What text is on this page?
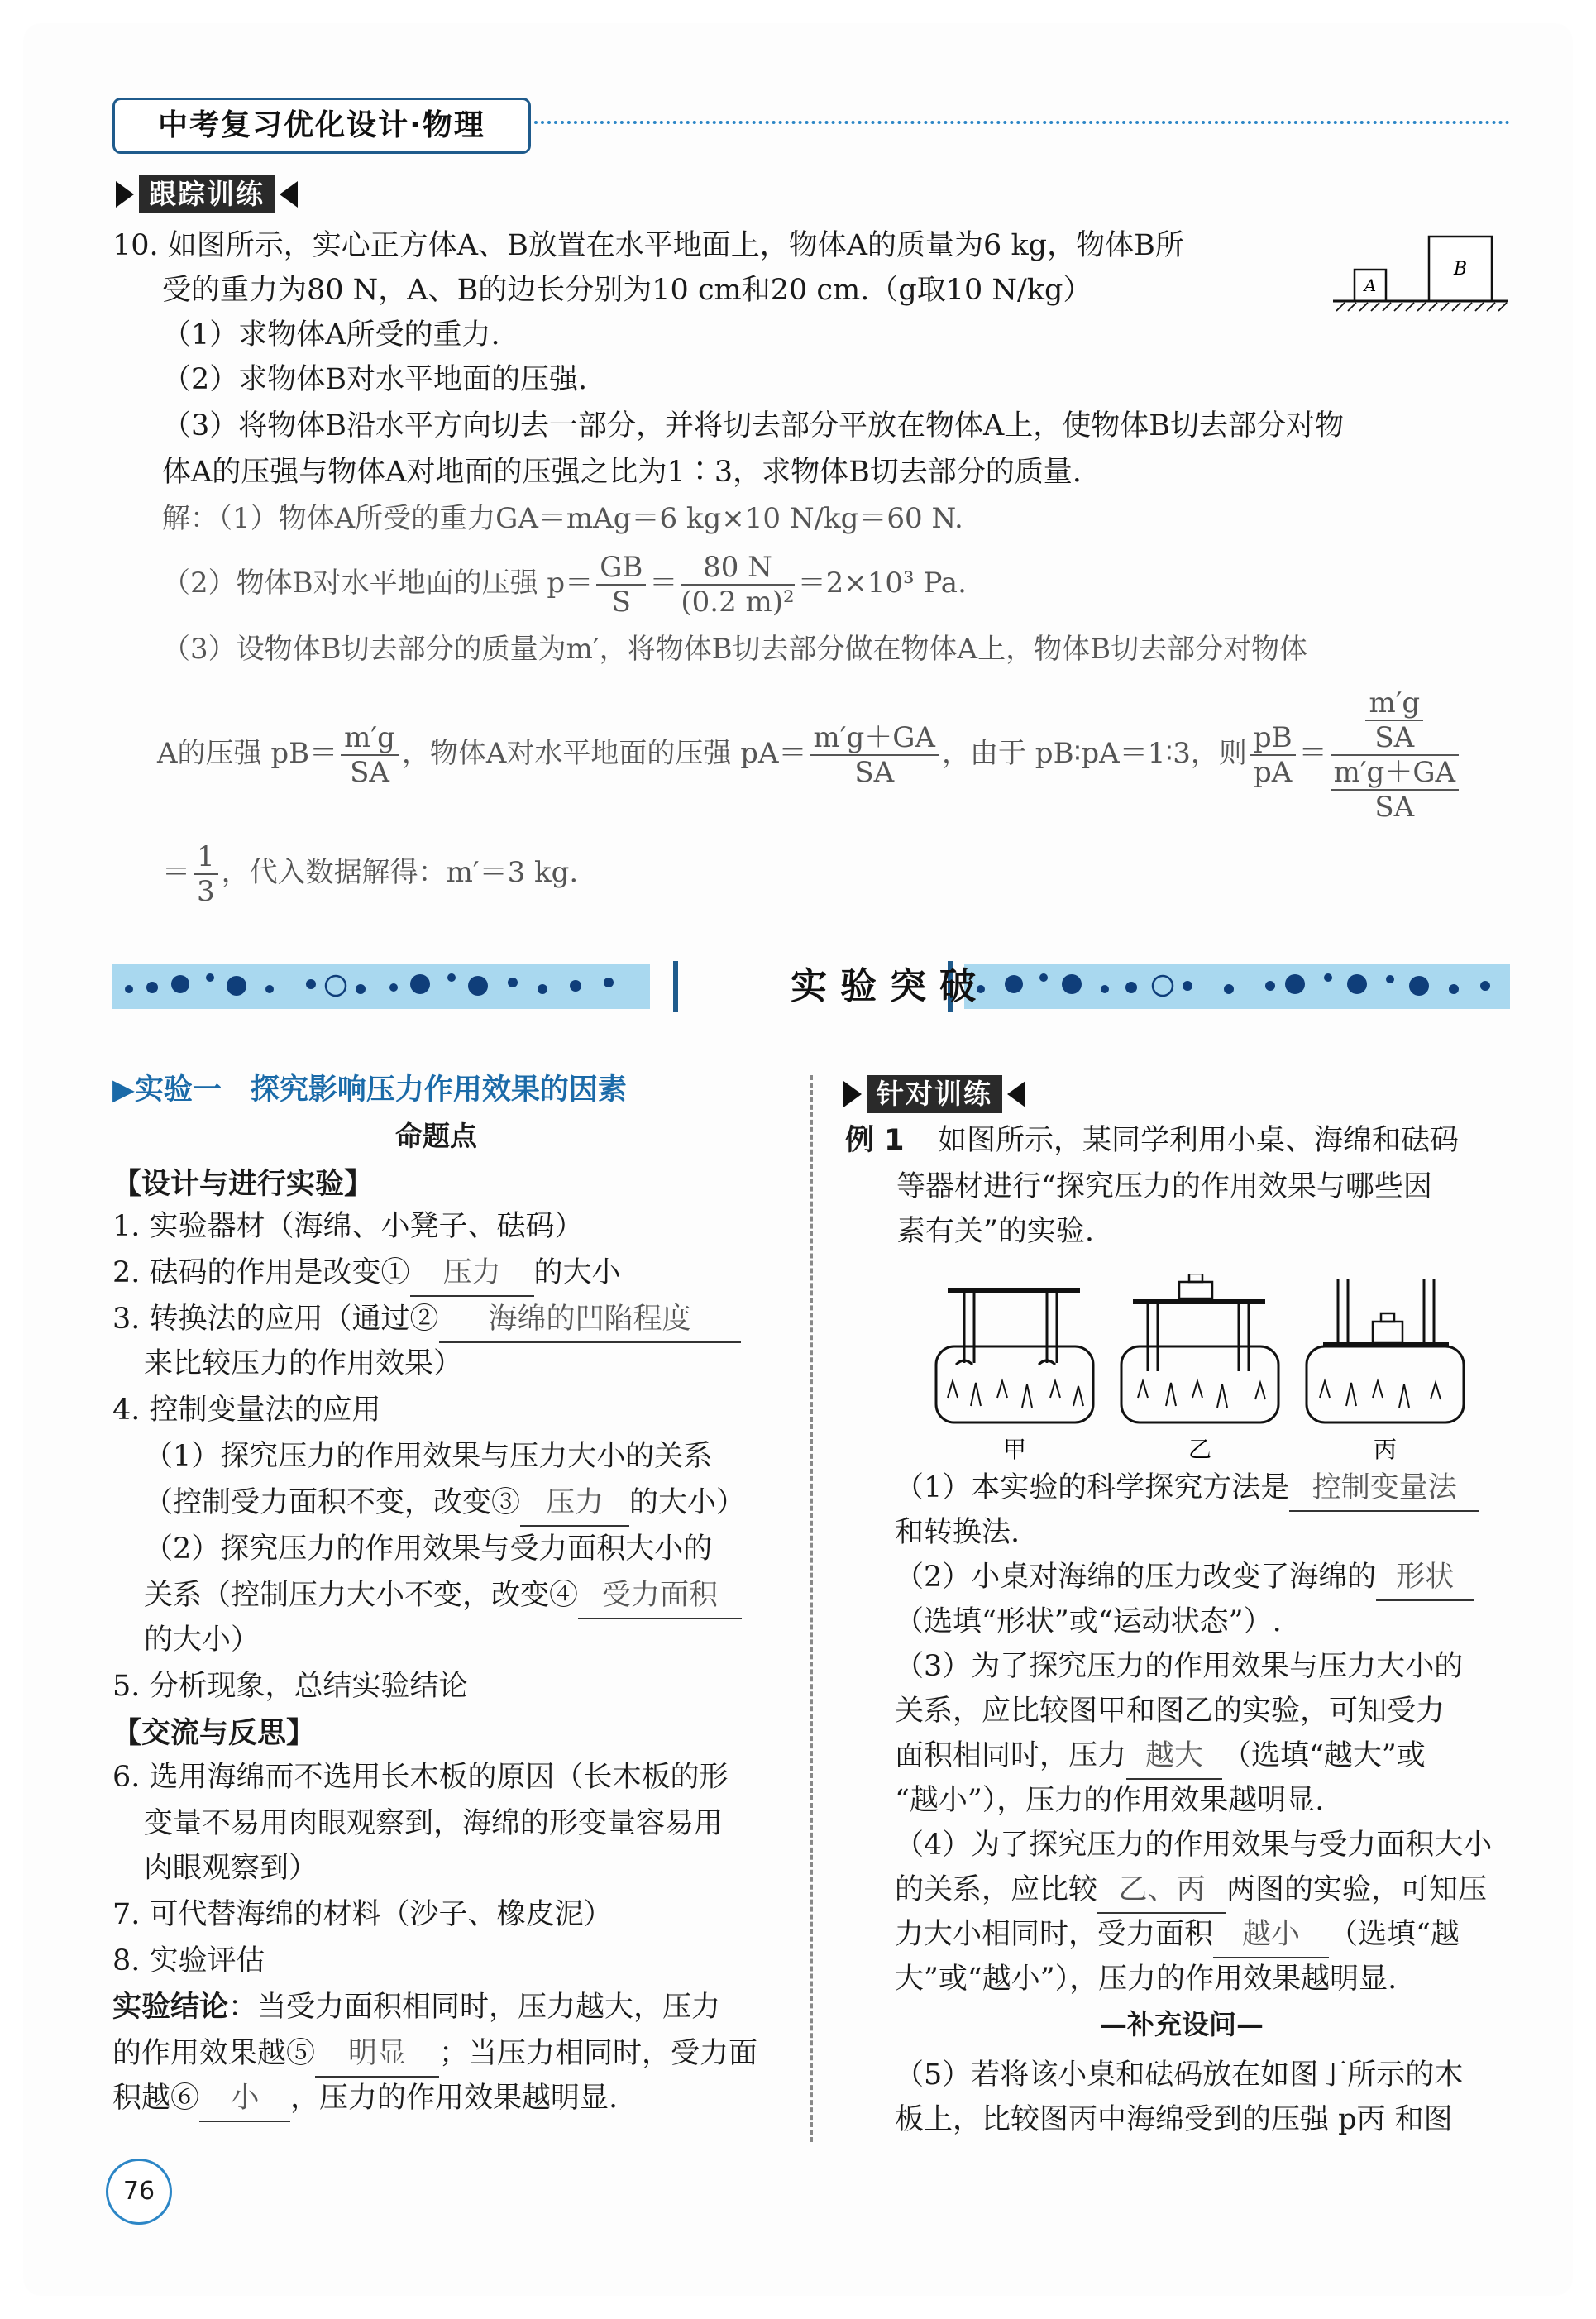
中考复习优化设计·物理
跟踪训练
10. 如图所示，实心正方体A、B放置在水平地面上，物体A的质量为6 kg，物体B所
受的重力为80 N，A、B的边长分别为10 cm和20 cm.（g取10 N/kg）
（1）求物体A所受的重力.
（2）求物体B对水平地面的压强.
（3）将物体B沿水平方向切去一部分，并将切去部分平放在物体A上，使物体B切去部分对物
体A的压强与物体A对地面的压强之比为1∶3，求物体B切去部分的质量.
A
B
解：（1）物体A所受的重力GA＝mAg＝6 kg×10 N/kg＝60 N.
（2）物体B对水平地面的压强 $p= \frac{GB}{S} = \frac{80 N}{\text{(0.2 m)²}} =2\times 10^3$ Pa.
（3）设物体B切去部分的质量为m′，将物体B切去部分做在物体A上，物体B切去部分对物体
A的压强 $pB= \frac{m'g}{SA}$ ，物体A对水平地面的压强 $pA= \frac{m'g+GA}{SA}$ ，由于 pB∶pA＝1∶3，则 $\frac{pB}{pA} = \frac{\frac{m'g}{SA}}{\frac{m'g+GA}{SA}}$
＝ $\frac{1}{3}$ ，代入数据解得：m′＝3 kg.
实验突破
▶实验一　探究影响压力作用效果的因素
命题点
【设计与进行实验】
1. 实验器材（海绵、小凳子、砝码）
2. 砝码的作用是改变① 压力 的大小
3. 转换法的应用（通过② 海绵的凹陷程度
来比较压力的作用效果）
4. 控制变量法的应用
（1）探究压力的作用效果与压力大小的关系
（控制受力面积不变，改变③ 压力 的大小）
（2）探究压力的作用效果与受力面积大小的
关系（控制压力大小不变，改变④ 受力面积
的大小）
5. 分析现象，总结实验结论
【交流与反思】
6. 选用海绵而不选用长木板的原因（长木板的形
变量不易用肉眼观察到，海绵的形变量容易用
肉眼观察到）
7. 可代替海绵的材料（沙子、橡皮泥）
8. 实验评估
实验结论：当受力面积相同时，压力越大，压力
的作用效果越⑤ 明显 ；当压力相同时，受力面
积越⑥ 小 ，压力的作用效果越明显.
针对训练
例 1 如图所示，某同学利用小桌、海绵和砝码
等器材进行“探究压力的作用效果与哪些因
素有关”的实验.
甲	乙	丙
（1）本实验的科学探究方法是 控制变量法
和转换法.
（2）小桌对海绵的压力改变了海绵的 形状
（选填“形状”或“运动状态”）.
（3）为了探究压力的作用效果与压力大小的
关系，应比较图甲和图乙的实验，可知受力
面积相同时，压力 越大 （选填“越大”或
“越小”），压力的作用效果越明显.
（4）为了探究压力的作用效果与受力面积大小
的关系，应比较 乙、丙 两图的实验，可知压
力大小相同时，受力面积 越小 （选填“越
大”或“越小”），压力的作用效果越明显.
—补充设问—
（5）若将该小桌和砝码放在如图丁所示的木
板上，比较图丙中海绵受到的压强 p丙 和图
76
